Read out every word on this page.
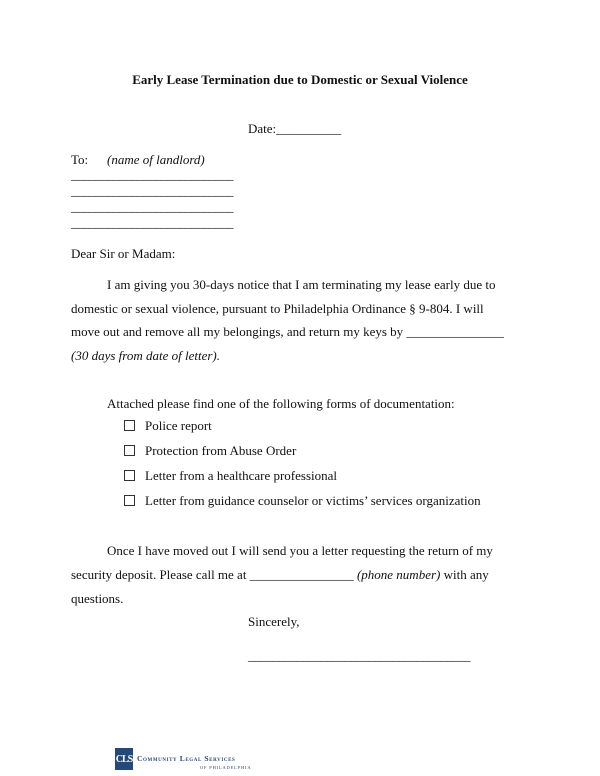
Early Lease Termination due to Domestic or Sexual Violence
Date:__________
To: (name of landlord)
___________________________
___________________________
___________________________
___________________________
Dear Sir or Madam:
I am giving you 30-days notice that I am terminating my lease early due to
domestic or sexual violence, pursuant to Philadelphia Ordinance § 9-804. I will
move out and remove all my belongings, and return my keys by _______________
(30 days from date of letter).
Attached please find one of the following forms of documentation:
Police report
Protection from Abuse Order
Letter from a healthcare professional
Letter from guidance counselor or victims’ services organization
Once I have moved out I will send you a letter requesting the return of my
security deposit. Please call me at ________________ (phone number) with any
questions.
Sincerely,
_____________________________________
CLS Community Legal Services
OF PHILADELPHIA
